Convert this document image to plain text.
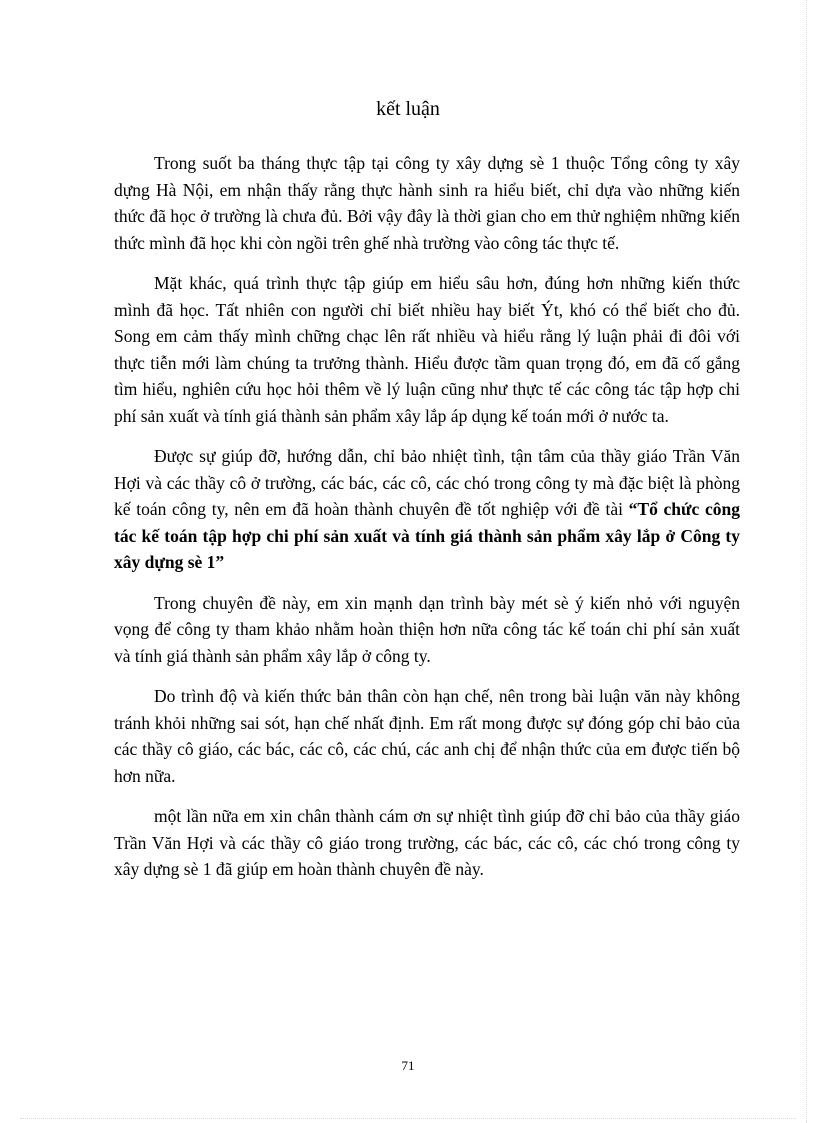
kết luận

Trong suốt ba tháng thực tập tại công ty xây dựng sè 1 thuộc Tổng công ty xây dựng Hà Nội, em nhận thấy rằng thực hành sinh ra hiểu biết, chỉ dựa vào những kiến thức đã học ở trường là chưa đủ. Bởi vậy đây là thời gian cho em thử nghiệm những kiến thức mình đã học khi còn ngồi trên ghế nhà trường vào công tác thực tế.

Mặt khác, quá trình thực tập giúp em hiểu sâu hơn, đúng hơn những kiến thức mình đã học. Tất nhiên con người chỉ biết nhiều hay biết Ýt, khó có thể biết cho đủ. Song em cảm thấy mình chững chạc lên rất nhiều và hiểu rằng lý luận phải đi đôi với thực tiễn mới làm chúng ta trưởng thành. Hiểu được tầm quan trọng đó, em đã cố gắng tìm hiểu, nghiên cứu học hỏi thêm về lý luận cũng như thực tế các công tác tập hợp chi phí sản xuất và tính giá thành sản phẩm xây lắp áp dụng kế toán mới ở nước ta.

Được sự giúp đỡ, hướng dẫn, chỉ bảo nhiệt tình, tận tâm của thầy giáo Trần Văn Hợi và các thầy cô ở trường, các bác, các cô, các chó trong công ty mà đặc biệt là phòng kế toán công ty, nên em đã hoàn thành chuyên đề tốt nghiệp với đề tài “Tổ chức công tác kế toán tập hợp chi phí sản xuất và tính giá thành sản phẩm xây lắp ở Công ty xây dựng sè 1”

Trong chuyên đề này, em xin mạnh dạn trình bày mét sè ý kiến nhỏ với nguyện vọng để công ty tham khảo nhằm hoàn thiện hơn nữa công tác kế toán chi phí sản xuất và tính giá thành sản phẩm xây lắp ở công ty.

Do trình độ và kiến thức bản thân còn hạn chế, nên trong bài luận văn này không tránh khỏi những sai sót, hạn chế nhất định. Em rất mong được sự đóng góp chỉ bảo của các thầy cô giáo, các bác, các cô, các chú, các anh chị để nhận thức của em được tiến bộ hơn nữa.

một lần nữa em xin chân thành cám ơn sự nhiệt tình giúp đỡ chỉ bảo của thầy giáo Trần Văn Hợi và các thầy cô giáo trong trường, các bác, các cô, các chó trong công ty xây dựng sè 1 đã giúp em hoàn thành chuyên đề này.

71
